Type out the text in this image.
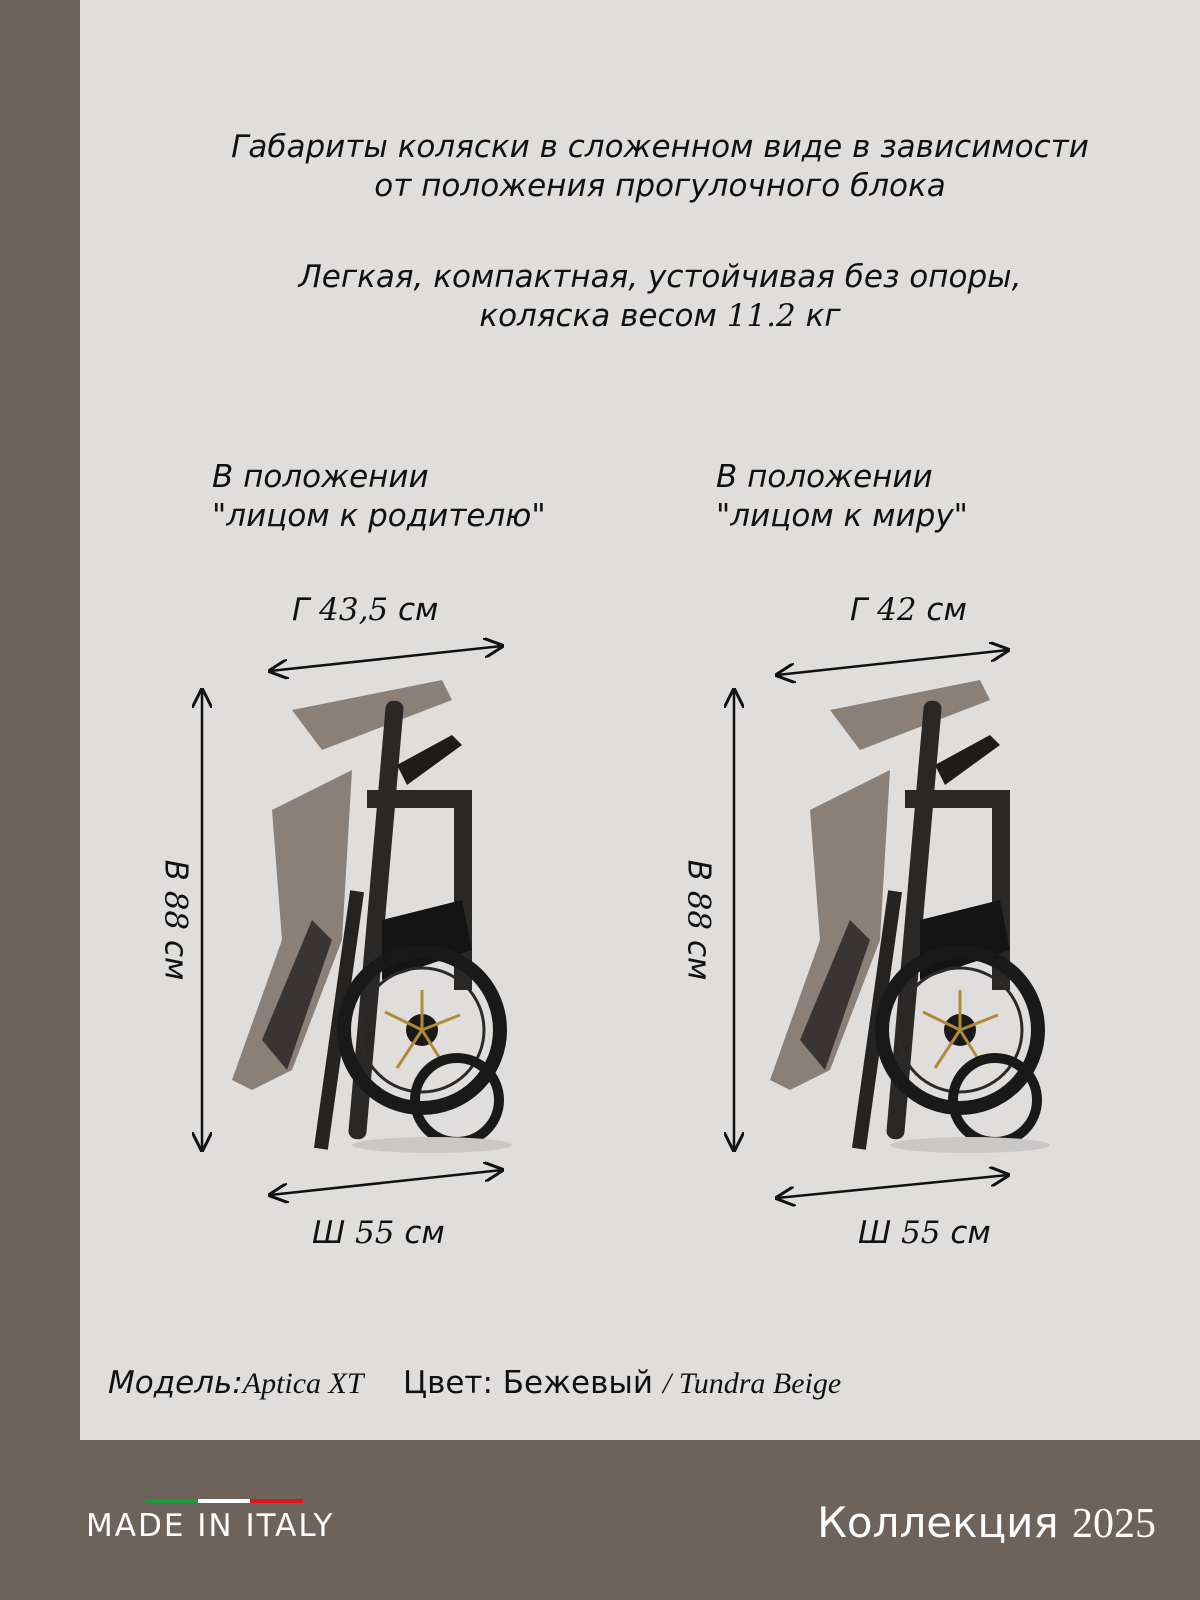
Габариты коляски в сложенном виде в зависимости
от положения прогулочного блока
Легкая, компактная, устойчивая без опоры,
коляска весом 11.2 кг
В положении
"лицом к родителю"
В положении
"лицом к миру"
Г 43,5 см	Г 42 см
Ш 55 см	Ш 55 см
В 88 см
В 88 см
Модель:Aptica XT Цвет: Бежевый / Tundra Beige
MADE IN ITALY	Коллекция 2025
